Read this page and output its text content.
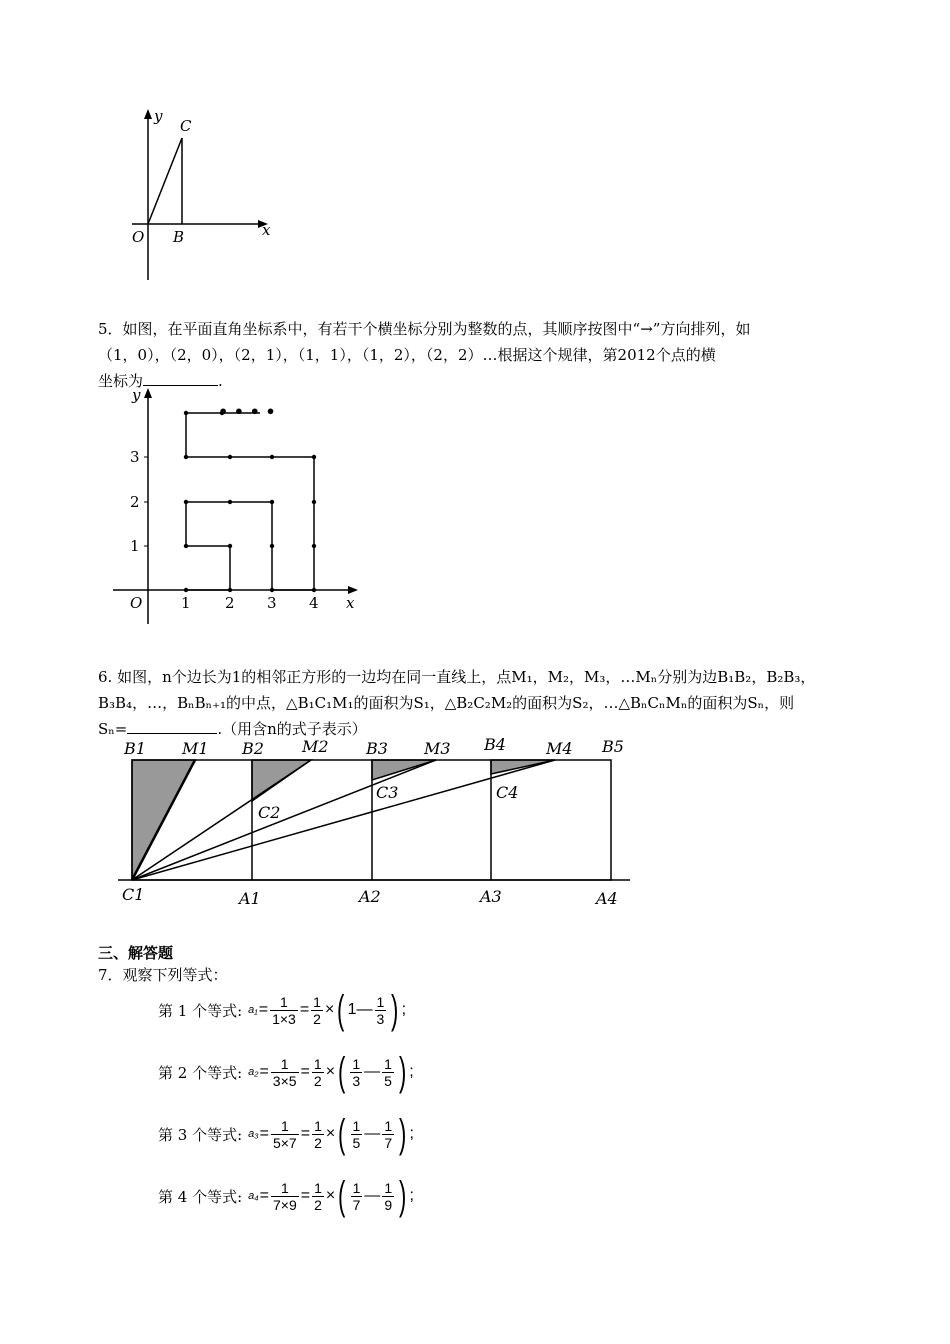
y
C
O B	x
5．如图，在平面直角坐标系中，有若干个横坐标分别为整数的点，其顺序按图中“→”方向排列，如
（1，0），（2，0），（2，1），（1，1），（1，2），（2，2）…根据这个规律，第2012个点的横
坐标为	.
• • • •
y
O	x
1 2 3 4
1
2
3
6. 如图，n个边长为1的相邻正方形的一边均在同一直线上，点M₁，M₂，M₃，…Mₙ分别为边B₁B₂，B₂B₃，
B₃B₄，…，BₙBₙ₊₁的中点，△B₁C₁M₁的面积为S₁，△B₂C₂M₂的面积为S₂，…△BₙCₙMₙ的面积为Sₙ，则
Sₙ=	.（用含n的式子表示）
B1 M1 B2 M2 B3 M3 B4	M4 B5
C2
C3	C4
C1	A1	A2	A3	A4
三、解答题
7．观察下列等式：
第 1 个等式: $a_1 = \frac{1}{1\times 3} = \frac{1}{2}$ × ( 1 — $\frac{1}{3}$ ) ;
第 2 个等式: $a_2 = \frac{1}{3\times 5} = \frac{1}{2}$ × ( $\frac{1}{3}$ — $\frac{1}{5}$ ) ;
第 3 个等式: $a_3 = \frac{1}{5\times 7} = \frac{1}{2}$ × ( $\frac{1}{5}$ — $\frac{1}{7}$ ) ;
第 4 个等式: $a_4 = \frac{1}{7\times 9} = \frac{1}{2}$ × ( $\frac{1}{7}$ — $\frac{1}{9}$ ) ;
